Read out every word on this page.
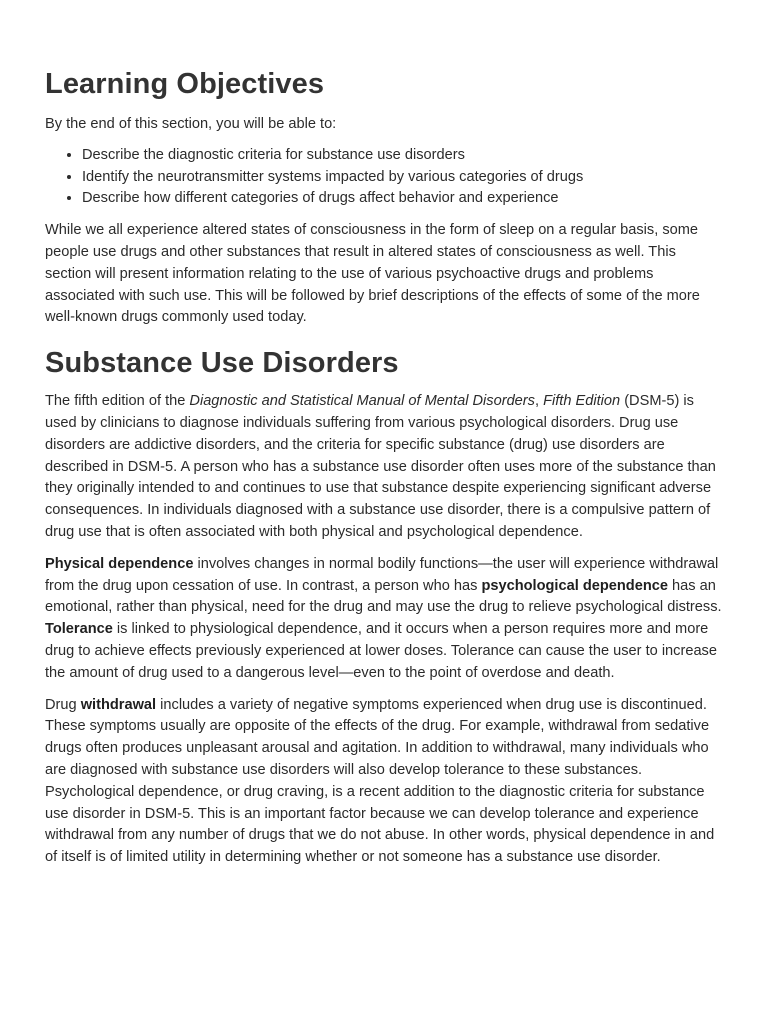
Learning Objectives

By the end of this section, you will be able to:

• Describe the diagnostic criteria for substance use disorders
• Identify the neurotransmitter systems impacted by various categories of drugs
• Describe how different categories of drugs affect behavior and experience

While we all experience altered states of consciousness in the form of sleep on a regular basis, some people use drugs and other substances that result in altered states of consciousness as well. This section will present information relating to the use of various psychoactive drugs and problems associated with such use. This will be followed by brief descriptions of the effects of some of the more well-known drugs commonly used today.

Substance Use Disorders

The fifth edition of the Diagnostic and Statistical Manual of Mental Disorders, Fifth Edition (DSM-5) is used by clinicians to diagnose individuals suffering from various psychological disorders. Drug use disorders are addictive disorders, and the criteria for specific substance (drug) use disorders are described in DSM-5. A person who has a substance use disorder often uses more of the substance than they originally intended to and continues to use that substance despite experiencing significant adverse consequences. In individuals diagnosed with a substance use disorder, there is a compulsive pattern of drug use that is often associated with both physical and psychological dependence.

Physical dependence involves changes in normal bodily functions—the user will experience withdrawal from the drug upon cessation of use. In contrast, a person who has psychological dependence has an emotional, rather than physical, need for the drug and may use the drug to relieve psychological distress. Tolerance is linked to physiological dependence, and it occurs when a person requires more and more drug to achieve effects previously experienced at lower doses. Tolerance can cause the user to increase the amount of drug used to a dangerous level—even to the point of overdose and death.

Drug withdrawal includes a variety of negative symptoms experienced when drug use is discontinued. These symptoms usually are opposite of the effects of the drug. For example, withdrawal from sedative drugs often produces unpleasant arousal and agitation. In addition to withdrawal, many individuals who are diagnosed with substance use disorders will also develop tolerance to these substances. Psychological dependence, or drug craving, is a recent addition to the diagnostic criteria for substance use disorder in DSM-5. This is an important factor because we can develop tolerance and experience withdrawal from any number of drugs that we do not abuse. In other words, physical dependence in and of itself is of limited utility in determining whether or not someone has a substance use disorder.
